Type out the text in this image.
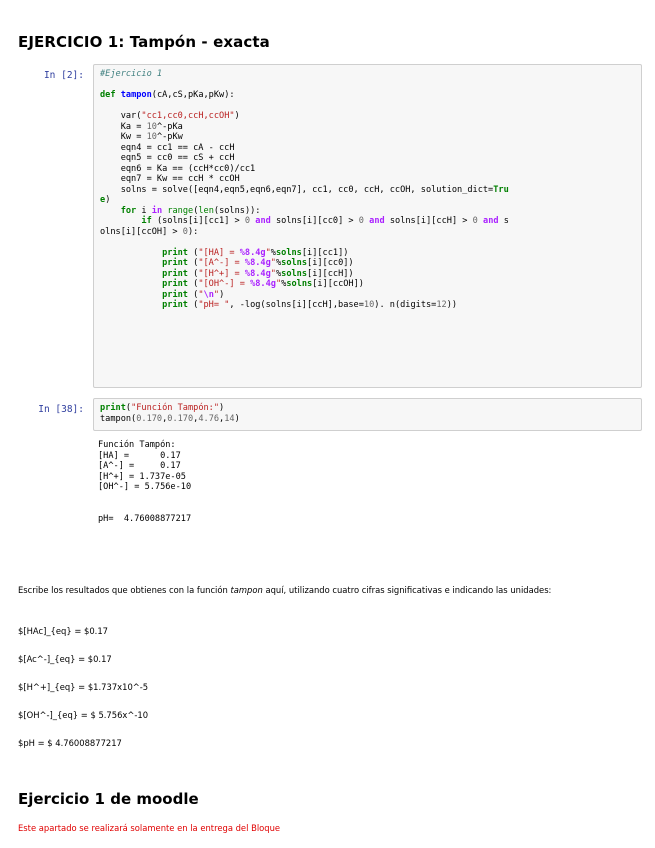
EJERCICIO 1: Tampón - exacta
In [2]: #Ejercicio 1

def tampon(cA,cS,pKa,pKw):

var("cc1,cc0,ccH,ccOH")
Ka = 10^-pKa
Kw = 10^-pKw
eqn4 = cc1 == cA - ccH
eqn5 = cc0 == cS + ccH
eqn6 = Ka == (ccH*cc0)/cc1
eqn7 = Kw == ccH * ccOH
solns = solve([eqn4,eqn5,eqn6,eqn7], cc1, cc0, ccH, ccOH, solution_dict=Tru
e)
for i in range(len(solns)):
if (solns[i][cc1] > 0 and solns[i][cc0] > 0 and solns[i][ccH] > 0 and s
olns[i][ccOH] > 0):

print ("[HA] = %8.4g"%solns[i][cc1])
print ("[A^-] = %8.4g"%solns[i][cc0])
print ("[H^+] = %8.4g"%solns[i][ccH])
print ("[OH^-] = %8.4g"%solns[i][ccOH])
print ("\n")
print ("pH= ", -log(solns[i][ccH],base=10). n(digits=12))
In [38]: print("Función Tampón:")
tampon(0.170,0.170,4.76,14)
Función Tampón:
[HA] =      0.17
[A^-] =     0.17
[H^+] = 1.737e-05
[OH^-] = 5.756e-10

pH=  4.76008877217
Escribe los resultados que obtienes con la función tampon aquí, utilizando cuatro cifras significativas e indicando las unidades:
$[HAc]_{eq} = $0.17
$[Ac^-]_{eq} = $0.17
$[H^+]_{eq} = $1.737x10^-5
$[OH^-]_{eq} = $ 5.756x^-10
$pH = $ 4.76008877217
Ejercicio 1 de moodle
Este apartado se realizará solamente en la entrega del Bloque
